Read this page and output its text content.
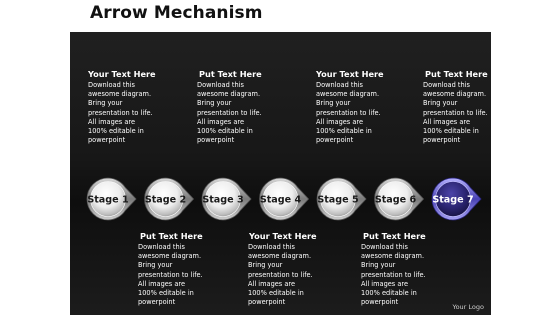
Arrow Mechanism
Your Text Here
Download this
awesome diagram.
Bring your
presentation to life.
All images are
100% editable in
powerpoint
Put Text Here
Download this
awesome diagram.
Bring your
presentation to life.
All images are
100% editable in
powerpoint
Your Text Here
Download this
awesome diagram.
Bring your
presentation to life.
All images are
100% editable in
powerpoint
Put Text Here
Download this
awesome diagram.
Bring your
presentation to life.
All images are
100% editable in
powerpoint
Stage 1 Stage 2 Stage 3 Stage 4 Stage 5 Stage 6 Stage 7
Put Text Here
Download this
awesome diagram.
Bring your
presentation to life.
All images are
100% editable in
powerpoint
Your Text Here
Download this
awesome diagram.
Bring your
presentation to life.
All images are
100% editable in
powerpoint
Put Text Here
Download this
awesome diagram.
Bring your
presentation to life.
All images are
100% editable in
powerpoint
Your Logo
